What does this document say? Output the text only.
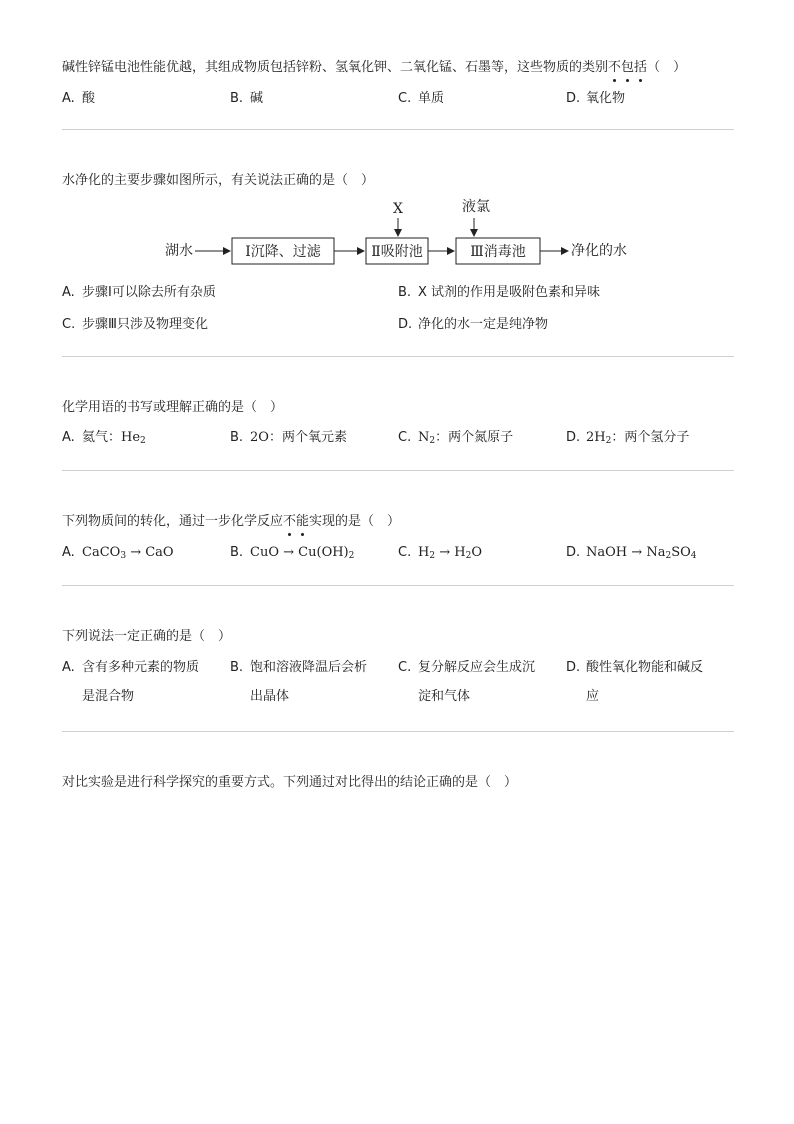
碱性锌锰电池性能优越，其组成物质包括锌粉、氢氧化钾、二氧化锰、石墨等，这些物质的类别不包括（　）
A. 酸	B. 碱	C. 单质	D. 氧化物
水净化的主要步骤如图所示，有关说法正确的是（　）
湖水	Ⅰ沉降、过滤	Ⅱ吸附池
X
Ⅲ消毒池
液氯
净化的水
A. 步骤Ⅰ可以除去所有杂质	B. X 试剂的作用是吸附色素和异味
C. 步骤Ⅲ只涉及物理变化	D. 净化的水一定是纯净物
化学用语的书写或理解正确的是（　）
A. 氦气：$He_2$	B. 2O：两个氧元素	C. $N_2$：两个氮原子	D. $2H_2$：两个氢分子
下列物质间的转化，通过一步化学反应不能实现的是（　）
A. CaCO$_3$ → CaO	B. CuO → $Cu(OH)_2$	C. $H_2 \to H_2O$	D. NaOH → $Na_2SO_4$
下列说法一定正确的是（　）
A. 含有多种元素的物质
是混合物
B. 饱和溶液降温后会析
出晶体
C. 复分解反应会生成沉
淀和气体
D. 酸性氧化物能和碱反
应
对比实验是进行科学探究的重要方式。下列通过对比得出的结论正确的是（　）
